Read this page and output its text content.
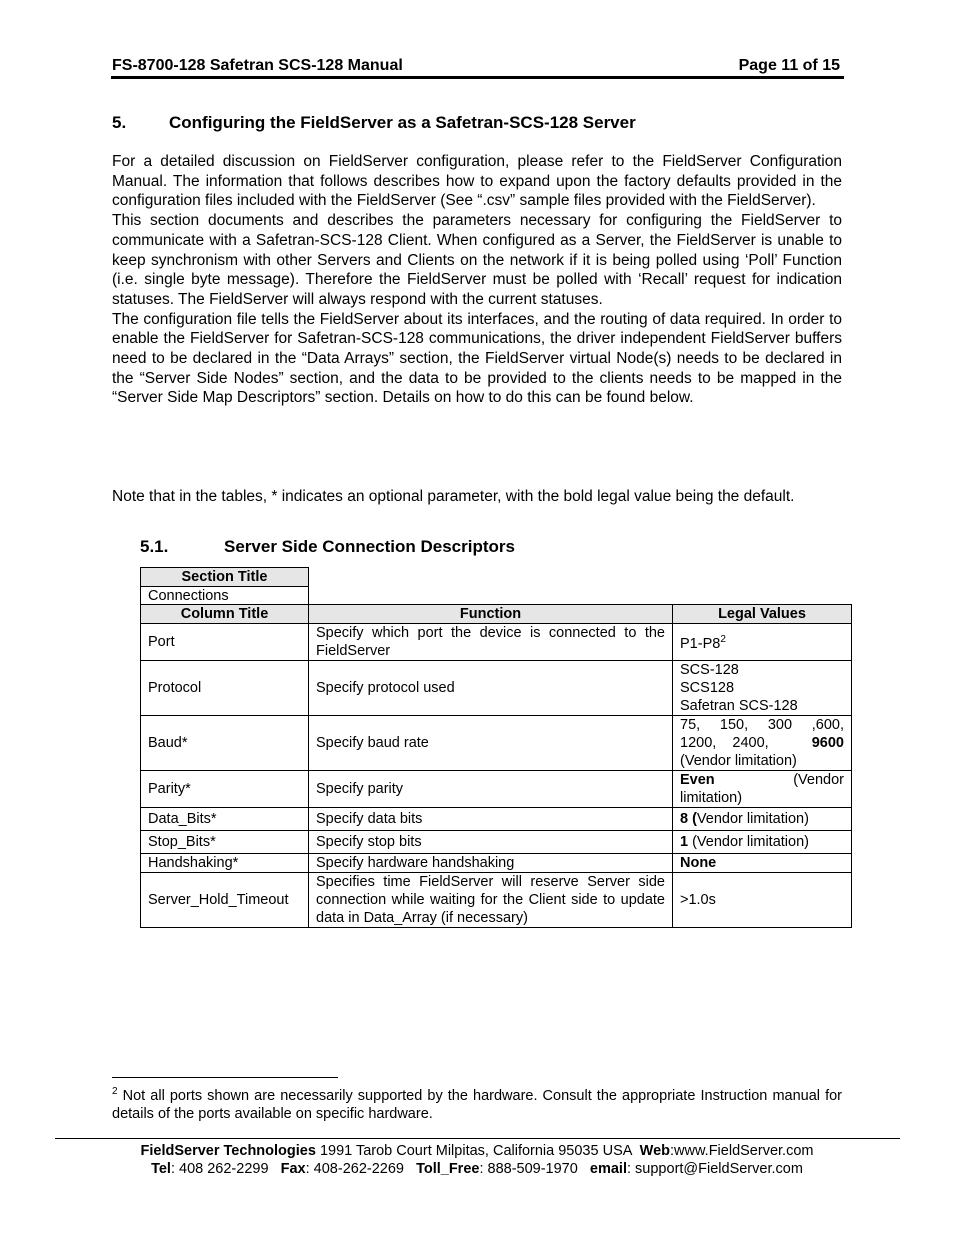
FS-8700-128 Safetran SCS-128 Manual	Page 11 of 15
5.	Configuring the FieldServer as a Safetran-SCS-128 Server

For a detailed discussion on FieldServer configuration, please refer to the FieldServer Configuration Manual. The information that follows describes how to expand upon the factory defaults provided in the configuration files included with the FieldServer (See “.csv” sample files provided with the FieldServer).

This section documents and describes the parameters necessary for configuring the FieldServer to communicate with a Safetran-SCS-128 Client. When configured as a Server, the FieldServer is unable to keep synchronism with other Servers and Clients on the network if it is being polled using ‘Poll’ Function (i.e. single byte message). Therefore the FieldServer must be polled with ‘Recall’ request for indication statuses. The FieldServer will always respond with the current statuses.

The configuration file tells the FieldServer about its interfaces, and the routing of data required. In order to enable the FieldServer for Safetran-SCS-128 communications, the driver independent FieldServer buffers need to be declared in the “Data Arrays” section, the FieldServer virtual Node(s) needs to be declared in the “Server Side Nodes” section, and the data to be provided to the clients needs to be mapped in the “Server Side Map Descriptors” section. Details on how to do this can be found below.

Note that in the tables, * indicates an optional parameter, with the bold legal value being the default.
5.1.	Server Side Connection Descriptors
Section Title
Connections
Column Title	Function	Legal Values
Port	Specify which port the device is connected to the FieldServer	$P1-P8^2$
Protocol	Specify protocol used	SCS-128
SCS128
Safetran SCS-128

Baud*	Specify baud rate	75,   150,   300   ,600,
1200,    2400, 9600
(Vendor limitation)

Parity*	Specify parity	Even (Vendor
limitation)

Data_Bits*	Specify data bits	8 (Vendor limitation)
Stop_Bits*	Specify stop bits	1 (Vendor limitation)
Handshaking*	Specify hardware handshaking	None
Server_Hold_Timeout	Specifies time FieldServer will reserve Server side connection while waiting for the Client side to update data in Data_Array (if necessary)	>1.0s
$^2$ Not all ports shown are necessarily supported by the hardware. Consult the appropriate Instruction manual for details of the ports available on specific hardware.
FieldServer Technologies 1991 Tarob Court Milpitas, California 95035 USA  Web:www.FieldServer.com
Tel: 408 262-2299   Fax: 408-262-2269   Toll_Free: 888-509-1970   email: support@FieldServer.com
